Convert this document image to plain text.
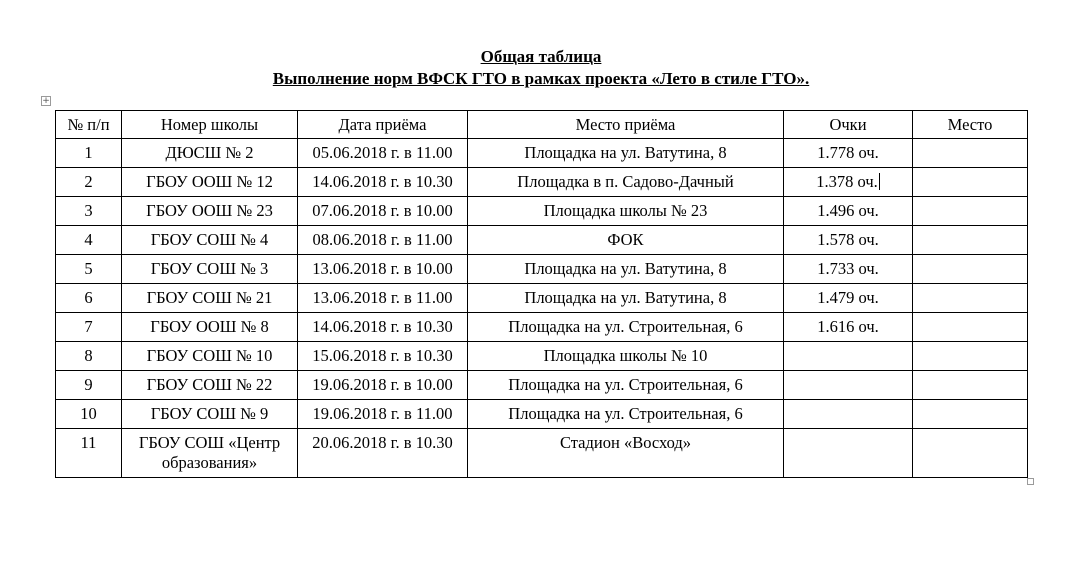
Общая таблица
Выполнение норм ВФСК ГТО в рамках проекта «Лето в стиле ГТО».
+
№ п/п	Номер школы	Дата приёма	Место приёма	Очки	Место
1	ДЮСШ № 2	05.06.2018 г. в 11.00	Площадка на ул. Ватутина, 8	1.778 оч.	
2	ГБОУ ООШ № 12	14.06.2018 г. в 10.30	Площадка в п. Садово-Дачный	1.378 оч.	
3	ГБОУ ООШ № 23	07.06.2018 г. в 10.00	Площадка школы № 23	1.496 оч.	
4	ГБОУ СОШ № 4	08.06.2018 г. в 11.00	ФОК	1.578 оч.	
5	ГБОУ СОШ № 3	13.06.2018 г. в 10.00	Площадка на ул. Ватутина, 8	1.733 оч.	
6	ГБОУ СОШ № 21	13.06.2018 г. в 11.00	Площадка на ул. Ватутина, 8	1.479 оч.	
7	ГБОУ ООШ № 8	14.06.2018 г. в 10.30	Площадка на ул. Строительная, 6	1.616 оч.	
8	ГБОУ СОШ № 10	15.06.2018 г. в 10.30	Площадка школы № 10		
9	ГБОУ СОШ № 22	19.06.2018 г. в 10.00	Площадка на ул. Строительная, 6		
10	ГБОУ СОШ № 9	19.06.2018 г. в 11.00	Площадка на ул. Строительная, 6		
11	ГБОУ СОШ «Центр образования»	20.06.2018 г. в 10.30	Стадион «Восход»		
